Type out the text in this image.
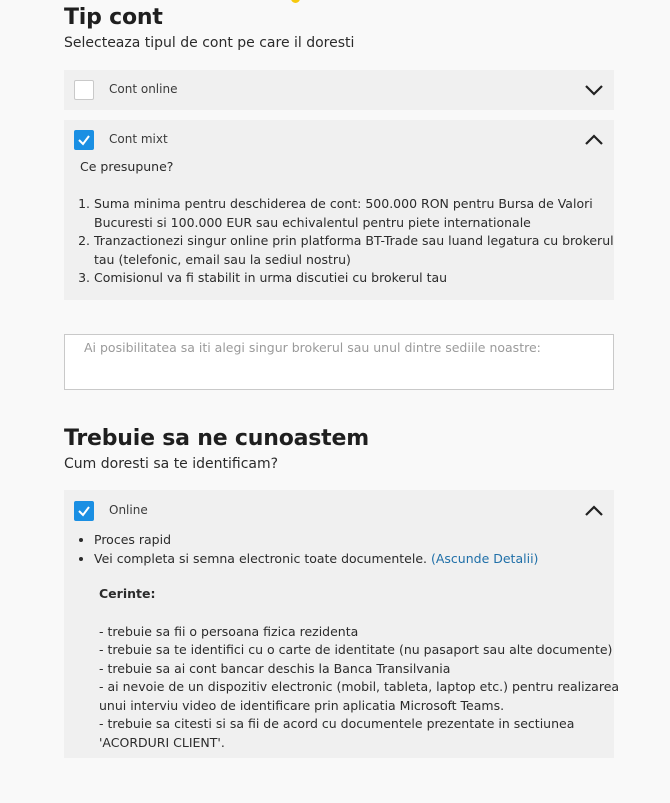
Tip cont

Selecteaza tipul de cont pe care il doresti

Cont online
Cont mixt
Ce presupune?
1. Suma minima pentru deschiderea de cont: 500.000 RON pentru Bursa de Valori
Bucuresti si 100.000 EUR sau echivalentul pentru piete internationale
2. Tranzactionezi singur online prin platforma BT-Trade sau luand legatura cu brokerul
tau (telefonic, email sau la sediul nostru)
3. Comisionul va fi stabilit in urma discutiei cu brokerul tau
Ai posibilitatea sa iti alegi singur brokerul sau unul dintre sediile noastre:
Trebuie sa ne cunoastem

Cum doresti sa te identificam?

Online
• Proces rapid
• Vei completa si semna electronic toate documentele. (Ascunde Detalii)
Cerinte:
- trebuie sa fii o persoana fizica rezidenta
- trebuie sa te identifici cu o carte de identitate (nu pasaport sau alte documente)
- trebuie sa ai cont bancar deschis la Banca Transilvania
- ai nevoie de un dispozitiv electronic (mobil, tableta, laptop etc.) pentru realizarea
unui interviu video de identificare prin aplicatia Microsoft Teams.
- trebuie sa citesti si sa fii de acord cu documentele prezentate in sectiunea
'ACORDURI CLIENT'.
